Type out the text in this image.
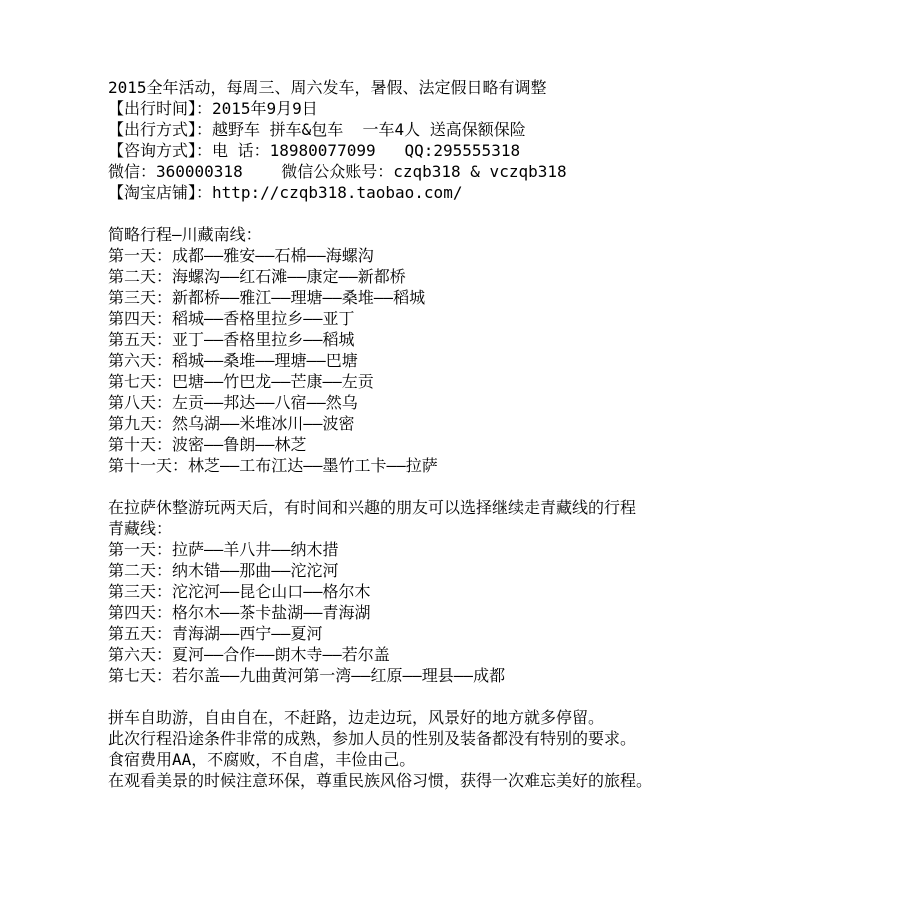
2015全年活动，每周三、周六发车，暑假、法定假日略有调整
【出行时间】：2015年9月9日
【出行方式】：越野车 拼车&包车  一车4人 送高保额保险
【咨询方式】：电 话：18980077099   QQ:295555318
微信：360000318    微信公众账号：czqb318 & vczqb318
【淘宝店铺】：http://czqb318.taobao.com/
简略行程—川藏南线：
第一天：成都——雅安——石棉——海螺沟
第二天：海螺沟——红石滩——康定——新都桥
第三天：新都桥——雅江——理塘——桑堆——稻城
第四天：稻城——香格里拉乡——亚丁
第五天：亚丁——香格里拉乡——稻城
第六天：稻城——桑堆——理塘——巴塘
第七天：巴塘——竹巴龙——芒康——左贡
第八天：左贡——邦达——八宿——然乌
第九天：然乌湖——米堆冰川——波密
第十天：波密——鲁朗——林芝
第十一天：林芝——工布江达——墨竹工卡——拉萨
在拉萨休整游玩两天后，有时间和兴趣的朋友可以选择继续走青藏线的行程
青藏线：
第一天：拉萨——羊八井——纳木措
第二天：纳木错——那曲——沱沱河
第三天：沱沱河——昆仑山口——格尔木
第四天：格尔木——茶卡盐湖——青海湖
第五天：青海湖——西宁——夏河
第六天：夏河——合作——朗木寺——若尔盖
第七天：若尔盖——九曲黄河第一湾——红原——理县——成都
拼车自助游，自由自在，不赶路，边走边玩，风景好的地方就多停留。
此次行程沿途条件非常的成熟，参加人员的性别及装备都没有特别的要求。
食宿费用AA，不腐败，不自虐，丰俭由己。
在观看美景的时候注意环保，尊重民族风俗习惯，获得一次难忘美好的旅程。
